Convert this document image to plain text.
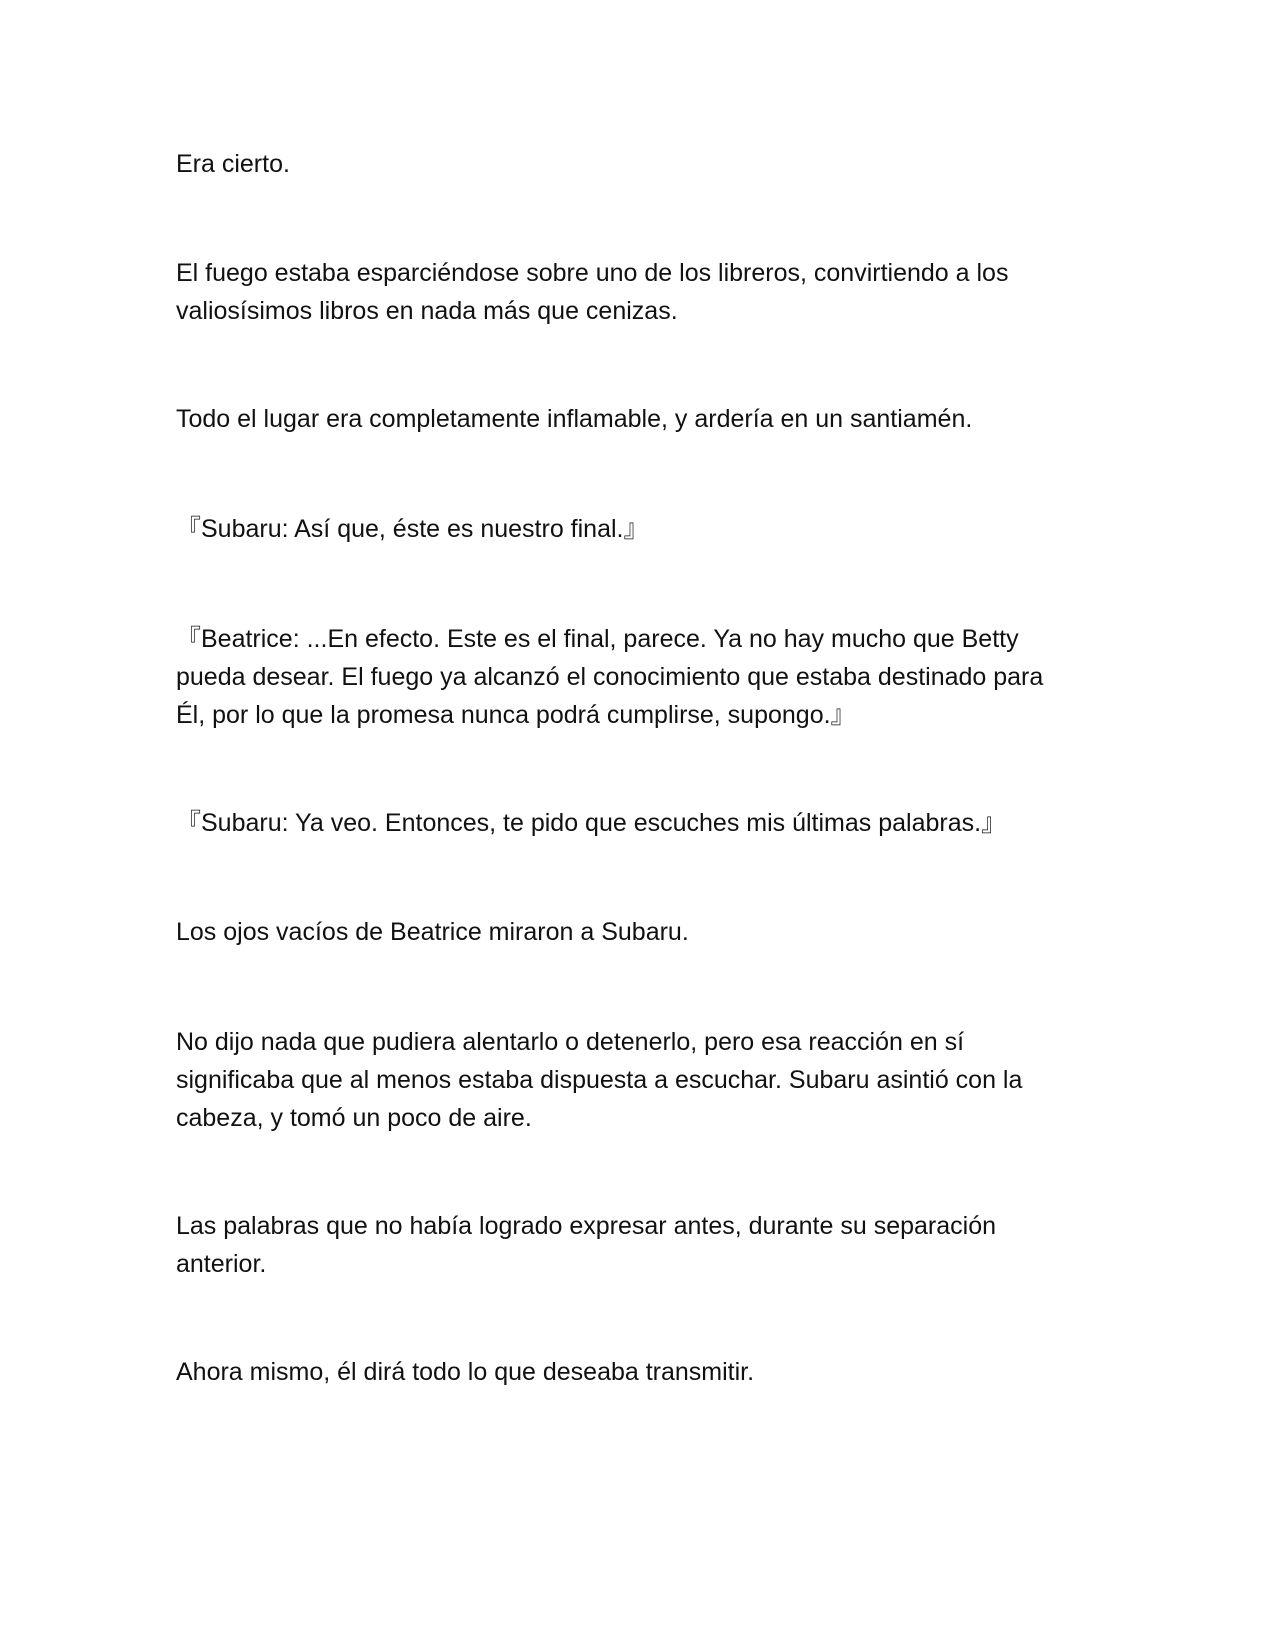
Era cierto.

El fuego estaba esparciéndose sobre uno de los libreros, convirtiendo a los
valiosísimos libros en nada más que cenizas.

Todo el lugar era completamente inflamable, y ardería en un santiamén.

『Subaru: Así que, éste es nuestro final.』

『Beatrice: ...En efecto. Este es el final, parece. Ya no hay mucho que Betty
pueda desear. El fuego ya alcanzó el conocimiento que estaba destinado para
Él, por lo que la promesa nunca podrá cumplirse, supongo.』

『Subaru: Ya veo. Entonces, te pido que escuches mis últimas palabras.』

Los ojos vacíos de Beatrice miraron a Subaru.

No dijo nada que pudiera alentarlo o detenerlo, pero esa reacción en sí
significaba que al menos estaba dispuesta a escuchar. Subaru asintió con la
cabeza, y tomó un poco de aire.

Las palabras que no había logrado expresar antes, durante su separación
anterior.

Ahora mismo, él dirá todo lo que deseaba transmitir.
